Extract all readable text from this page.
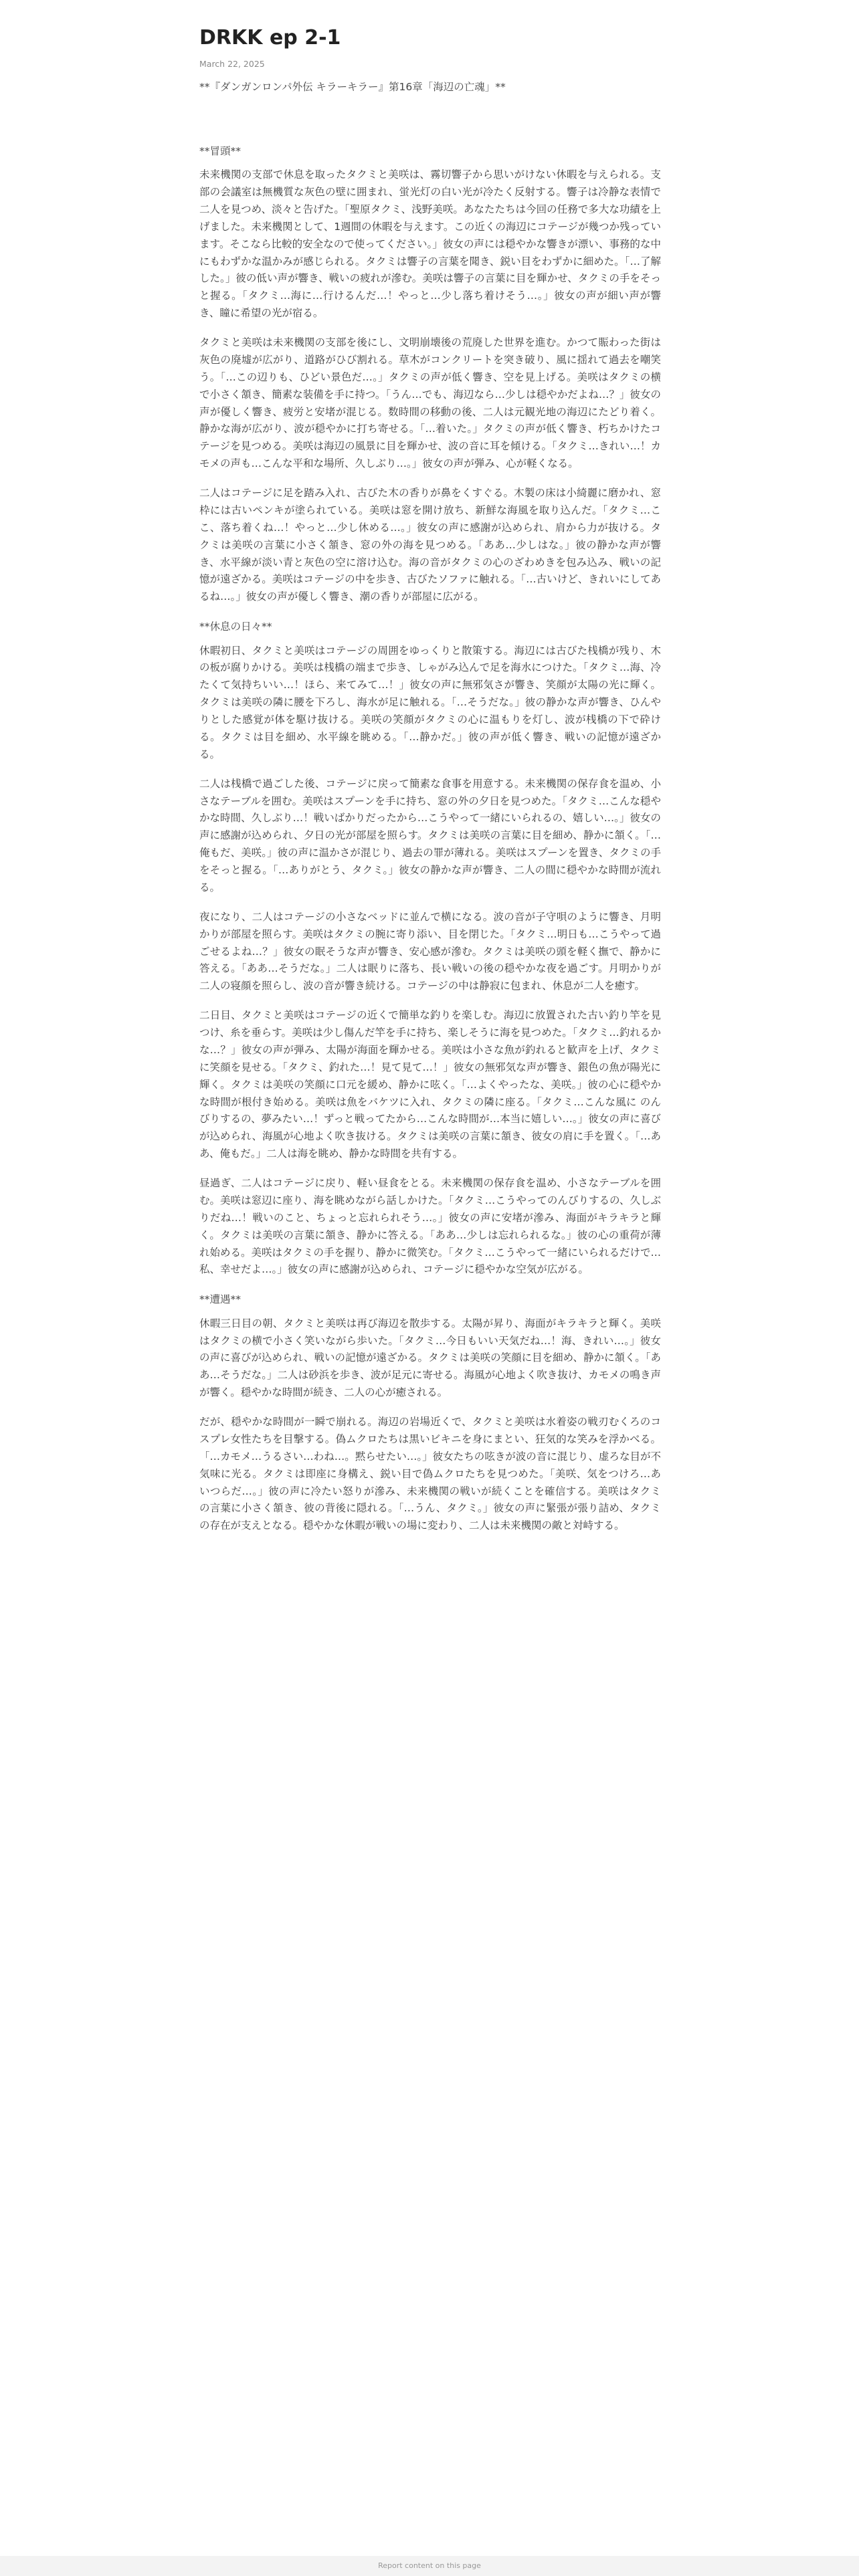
DRKK ep 2-1
March 22, 2025
**『ダンガンロンパ外伝 キラーキラー』第16章「海辺の亡魂」**
**冒頭**

未来機関の支部で休息を取ったタクミと美咲は、霧切響子から思いがけない休暇を与えられる。支部の会議室は無機質な灰色の壁に囲まれ、蛍光灯の白い光が冷たく反射する。響子は冷静な表情で二人を見つめ、淡々と告げた。「聖原タクミ、浅野美咲。あなたたちは今回の任務で多大な功績を上げました。未来機関として、1週間の休暇を与えます。この近くの海辺にコテージが幾つか残っています。そこなら比較的安全なので使ってください。」彼女の声には穏やかな響きが漂い、事務的な中にもわずかな温かみが感じられる。タクミは響子の言葉を聞き、鋭い目をわずかに細めた。「…了解した。」彼の低い声が響き、戦いの疲れが滲む。美咲は響子の言葉に目を輝かせ、タクミの手をそっと握る。「タクミ…海に…行けるんだ…！やっと…少し落ち着けそう…。」彼女の声が細い声が響き、瞳に希望の光が宿る。

タクミと美咲は未来機関の支部を後にし、文明崩壊後の荒廃した世界を進む。かつて賑わった街は灰色の廃墟が広がり、道路がひび割れる。草木がコンクリートを突き破り、風に揺れて過去を嘲笑う。「…この辺りも、ひどい景色だ…。」タクミの声が低く響き、空を見上げる。美咲はタクミの横で小さく頷き、簡素な装備を手に持つ。「うん…でも、海辺なら…少しは穏やかだよね…？」彼女の声が優しく響き、疲労と安堵が混じる。数時間の移動の後、二人は元観光地の海辺にたどり着く。静かな海が広がり、波が穏やかに打ち寄せる。「…着いた。」タクミの声が低く響き、朽ちかけたコテージを見つめる。美咲は海辺の風景に目を輝かせ、波の音に耳を傾ける。「タクミ…きれい…！カモメの声も…こんな平和な場所、久しぶり…。」彼女の声が弾み、心が軽くなる。

二人はコテージに足を踏み入れ、古びた木の香りが鼻をくすぐる。木製の床は小綺麗に磨かれ、窓枠には古いペンキが塗られている。美咲は窓を開け放ち、新鮮な海風を取り込んだ。「タクミ…ここ、落ち着くね…！やっと…少し休める…。」彼女の声に感謝が込められ、肩から力が抜ける。タクミは美咲の言葉に小さく頷き、窓の外の海を見つめる。「ああ…少しはな。」彼の静かな声が響き、水平線が淡い青と灰色の空に溶け込む。海の音がタクミの心のざわめきを包み込み、戦いの記憶が遠ざかる。美咲はコテージの中を歩き、古びたソファに触れる。「…古いけど、きれいにしてあるね…。」彼女の声が優しく響き、潮の香りが部屋に広がる。

**休息の日々**

休暇初日、タクミと美咲はコテージの周囲をゆっくりと散策する。海辺には古びた桟橋が残り、木の板が腐りかける。美咲は桟橋の端まで歩き、しゃがみ込んで足を海水につけた。「タクミ…海、冷たくて気持ちいい…！ほら、来てみて…！」彼女の声に無邪気さが響き、笑顔が太陽の光に輝く。タクミは美咲の隣に腰を下ろし、海水が足に触れる。「…そうだな。」彼の静かな声が響き、ひんやりとした感覚が体を駆け抜ける。美咲の笑顔がタクミの心に温もりを灯し、波が桟橋の下で砕ける。タクミは目を細め、水平線を眺める。「…静かだ。」彼の声が低く響き、戦いの記憶が遠ざかる。

二人は桟橋で過ごした後、コテージに戻って簡素な食事を用意する。未来機関の保存食を温め、小さなテーブルを囲む。美咲はスプーンを手に持ち、窓の外の夕日を見つめた。「タクミ…こんな穏やかな時間、久しぶり…！戦いばかりだったから…こうやって一緒にいられるの、嬉しい…。」彼女の声に感謝が込められ、夕日の光が部屋を照らす。タクミは美咲の言葉に目を細め、静かに頷く。「…俺もだ、美咲。」彼の声に温かさが混じり、過去の罪が薄れる。美咲はスプーンを置き、タクミの手をそっと握る。「…ありがとう、タクミ。」彼女の静かな声が響き、二人の間に穏やかな時間が流れる。

夜になり、二人はコテージの小さなベッドに並んで横になる。波の音が子守唄のように響き、月明かりが部屋を照らす。美咲はタクミの腕に寄り添い、目を閉じた。「タクミ…明日も…こうやって過ごせるよね…？」彼女の眠そうな声が響き、安心感が滲む。タクミは美咲の頭を軽く撫で、静かに答える。「ああ…そうだな。」二人は眠りに落ち、長い戦いの後の穏やかな夜を過ごす。月明かりが二人の寝顔を照らし、波の音が響き続ける。コテージの中は静寂に包まれ、休息が二人を癒す。

二日目、タクミと美咲はコテージの近くで簡単な釣りを楽しむ。海辺に放置された古い釣り竿を見つけ、糸を垂らす。美咲は少し傷んだ竿を手に持ち、楽しそうに海を見つめた。「タクミ…釣れるかな…？」彼女の声が弾み、太陽が海面を輝かせる。美咲は小さな魚が釣れると歓声を上げ、タクミに笑顔を見せる。「タクミ、釣れた…！見て見て…！」彼女の無邪気な声が響き、銀色の魚が陽光に輝く。タクミは美咲の笑顔に口元を緩め、静かに呟く。「…よくやったな、美咲。」彼の心に穏やかな時間が根付き始める。美咲は魚をバケツに入れ、タクミの隣に座る。「タクミ…こんな風に のんびりするの、夢みたい…！ずっと戦ってたから…こんな時間が…本当に嬉しい…。」彼女の声に喜びが込められ、海風が心地よく吹き抜ける。タクミは美咲の言葉に頷き、彼女の肩に手を置く。「…ああ、俺もだ。」二人は海を眺め、静かな時間を共有する。

昼過ぎ、二人はコテージに戻り、軽い昼食をとる。未来機関の保存食を温め、小さなテーブルを囲む。美咲は窓辺に座り、海を眺めながら話しかけた。「タクミ…こうやってのんびりするの、久しぶりだね…！戦いのこと、ちょっと忘れられそう…。」彼女の声に安堵が滲み、海面がキラキラと輝く。タクミは美咲の言葉に頷き、静かに答える。「ああ…少しは忘れられるな。」彼の心の重荷が薄れ始める。美咲はタクミの手を握り、静かに微笑む。「タクミ…こうやって一緒にいられるだけで…私、幸せだよ…。」彼女の声に感謝が込められ、コテージに穏やかな空気が広がる。

**遭遇**

休暇三日目の朝、タクミと美咲は再び海辺を散歩する。太陽が昇り、海面がキラキラと輝く。美咲はタクミの横で小さく笑いながら歩いた。「タクミ…今日もいい天気だね…！海、きれい…。」彼女の声に喜びが込められ、戦いの記憶が遠ざかる。タクミは美咲の笑顔に目を細め、静かに頷く。「ああ…そうだな。」二人は砂浜を歩き、波が足元に寄せる。海風が心地よく吹き抜け、カモメの鳴き声が響く。穏やかな時間が続き、二人の心が癒される。

だが、穏やかな時間が一瞬で崩れる。海辺の岩場近くで、タクミと美咲は水着姿の戦刃むくろのコスプレ女性たちを目撃する。偽ムクロたちは黒いビキニを身にまとい、狂気的な笑みを浮かべる。「…カモメ…うるさい…わね…。黙らせたい…。」彼女たちの呟きが波の音に混じり、虚ろな目が不気味に光る。タクミは即座に身構え、鋭い目で偽ムクロたちを見つめた。「美咲、気をつけろ…あいつらだ…。」彼の声に冷たい怒りが滲み、未来機関の戦いが続くことを確信する。美咲はタクミの言葉に小さく頷き、彼の背後に隠れる。「…うん、タクミ。」彼女の声に緊張が張り詰め、タクミの存在が支えとなる。穏やかな休暇が戦いの場に変わり、二人は未来機関の敵と対峙する。

Report content on this page
